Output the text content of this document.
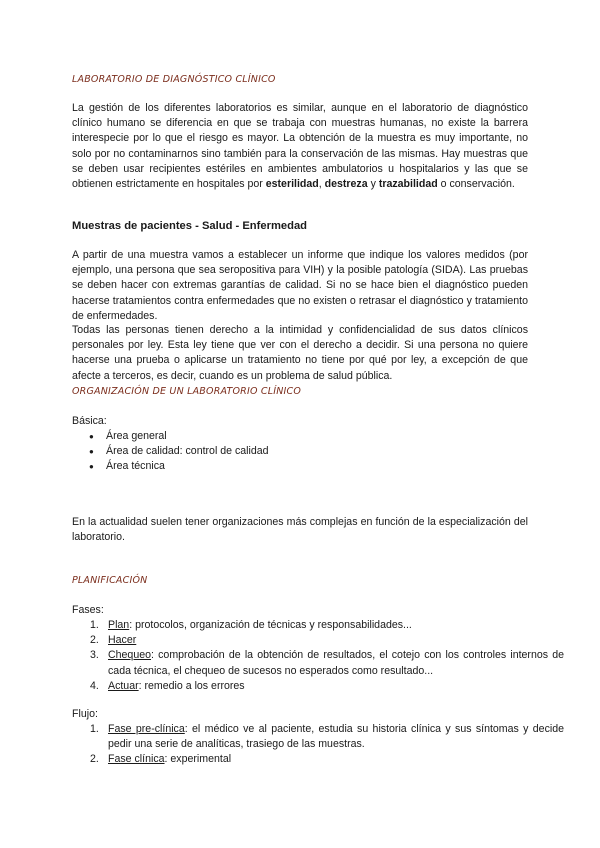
LABORATORIO DE DIAGNÓSTICO CLÍNICO

La gestión de los diferentes laboratorios es similar, aunque en el laboratorio de diagnóstico clínico humano se diferencia en que se trabaja con muestras humanas, no existe la barrera interespecie por lo que el riesgo es mayor. La obtención de la muestra es muy importante, no solo por no contaminarnos sino también para la conservación de las mismas. Hay muestras que se deben usar recipientes estériles en ambientes ambulatorios u hospitalarios y las que se obtienen estrictamente en hospitales por esterilidad, destreza y trazabilidad o conservación.

Muestras de pacientes - Salud - Enfermedad

A partir de una muestra vamos a establecer un informe que indique los valores medidos (por ejemplo, una persona que sea seropositiva para VIH) y la posible patología (SIDA). Las pruebas se deben hacer con extremas garantías de calidad. Si no se hace bien el diagnóstico pueden hacerse tratamientos contra enfermedades que no existen o retrasar el diagnóstico y tratamiento de enfermedades.

Todas las personas tienen derecho a la intimidad y confidencialidad de sus datos clínicos personales por ley. Esta ley tiene que ver con el derecho a decidir. Si una persona no quiere hacerse una prueba o aplicarse un tratamiento no tiene por qué por ley, a excepción de que afecte a terceros, es decir, cuando es un problema de salud pública.

ORGANIZACIÓN DE UN LABORATORIO CLÍNICO

Básica:

● Área general
● Área de calidad: control de calidad
● Área técnica

En la actualidad suelen tener organizaciones más complejas en función de la especialización del laboratorio.

PLANIFICACIÓN

Fases:

1. Plan: protocolos, organización de técnicas y responsabilidades...
2. Hacer
3. Chequeo: comprobación de la obtención de resultados, el cotejo con los controles internos de cada técnica, el chequeo de sucesos no esperados como resultado...
4. Actuar: remedio a los errores

Flujo:

1. Fase pre-clínica: el médico ve al paciente, estudia su historia clínica y sus síntomas y decide pedir una serie de analíticas, trasiego de las muestras.
2. Fase clínica: experimental
